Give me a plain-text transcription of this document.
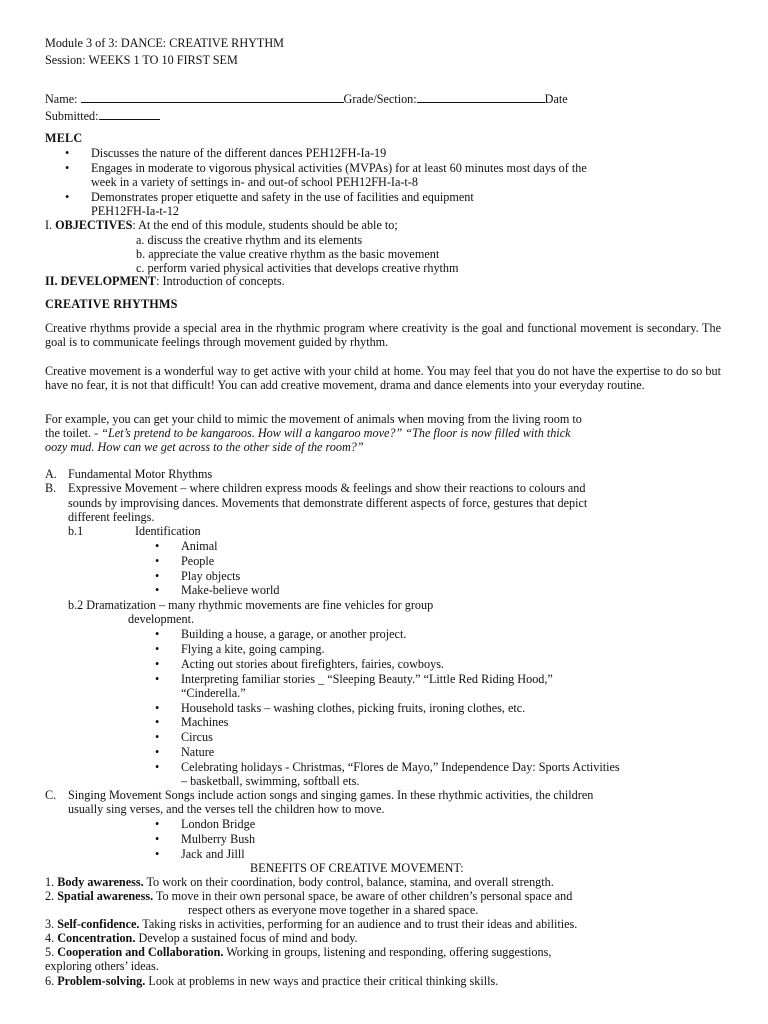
Module 3 of 3: DANCE: CREATIVE RHYTHM

Session: WEEKS 1 TO 10 FIRST SEM

Name:	Grade/Section:	Date

Submitted:

MELC

• Discusses the nature of the different dances PEH12FH-Ia-19

• Engages in moderate to vigorous physical activities (MVPAs) for at least 60 minutes most days of the

week in a variety of settings in- and out-of school PEH12FH-Ia-t-8

• Demonstrates proper etiquette and safety in the use of facilities and equipment

PEH12FH-Ia-t-12

I. OBJECTIVES: At the end of this module, students should be able to;

a. discuss the creative rhythm and its elements

b. appreciate the value creative rhythm as the basic movement

c. perform varied physical activities that develops creative rhythm

II. DEVELOPMENT: Introduction of concepts.

CREATIVE RHYTHMS

Creative rhythms provide a special area in the rhythmic program where creativity is the goal and functional movement is secondary. The goal is to communicate feelings through movement guided by rhythm.

Creative movement is a wonderful way to get active with your child at home. You may feel that you do not have the expertise to do so but have no fear, it is not that difficult! You can add creative movement, drama and dance elements into your everyday routine.

For example, you can get your child to mimic the movement of animals when moving from the living room to

the toilet. - “Let’s pretend to be kangaroos. How will a kangaroo move?” “The floor is now filled with thick

oozy mud. How can we get across to the other side of the room?”

A. Fundamental Motor Rhythms

B. Expressive Movement – where children express moods & feelings and show their reactions to colours and

sounds by improvising dances. Movements that demonstrate different aspects of force, gestures that depict

different feelings.

b.1	Identification

• Animal

• People

• Play objects

• Make-believe world

b.2 Dramatization – many rhythmic movements are fine vehicles for group

development.

• Building a house, a garage, or another project.

• Flying a kite, going camping.

• Acting out stories about firefighters, fairies, cowboys.

• Interpreting familiar stories _ “Sleeping Beauty.” “Little Red Riding Hood,”

“Cinderella.”

• Household tasks – washing clothes, picking fruits, ironing clothes, etc.

• Machines

• Circus

• Nature

• Celebrating holidays - Christmas, “Flores de Mayo,” Independence Day: Sports Activities

– basketball, swimming, softball ets.

C. Singing Movement Songs include action songs and singing games. In these rhythmic activities, the children

usually sing verses, and the verses tell the children how to move.

• London Bridge

• Mulberry Bush

• Jack and Jilll

BENEFITS OF CREATIVE MOVEMENT:

1. Body awareness. To work on their coordination, body control, balance, stamina, and overall strength.

2. Spatial awareness. To move in their own personal space, be aware of other children’s personal space and

respect others as everyone move together in a shared space.

3. Self-confidence. Taking risks in activities, performing for an audience and to trust their ideas and abilities.

4. Concentration. Develop a sustained focus of mind and body.

5. Cooperation and Collaboration. Working in groups, listening and responding, offering suggestions,

exploring others’ ideas.

6. Problem-solving. Look at problems in new ways and practice their critical thinking skills.
